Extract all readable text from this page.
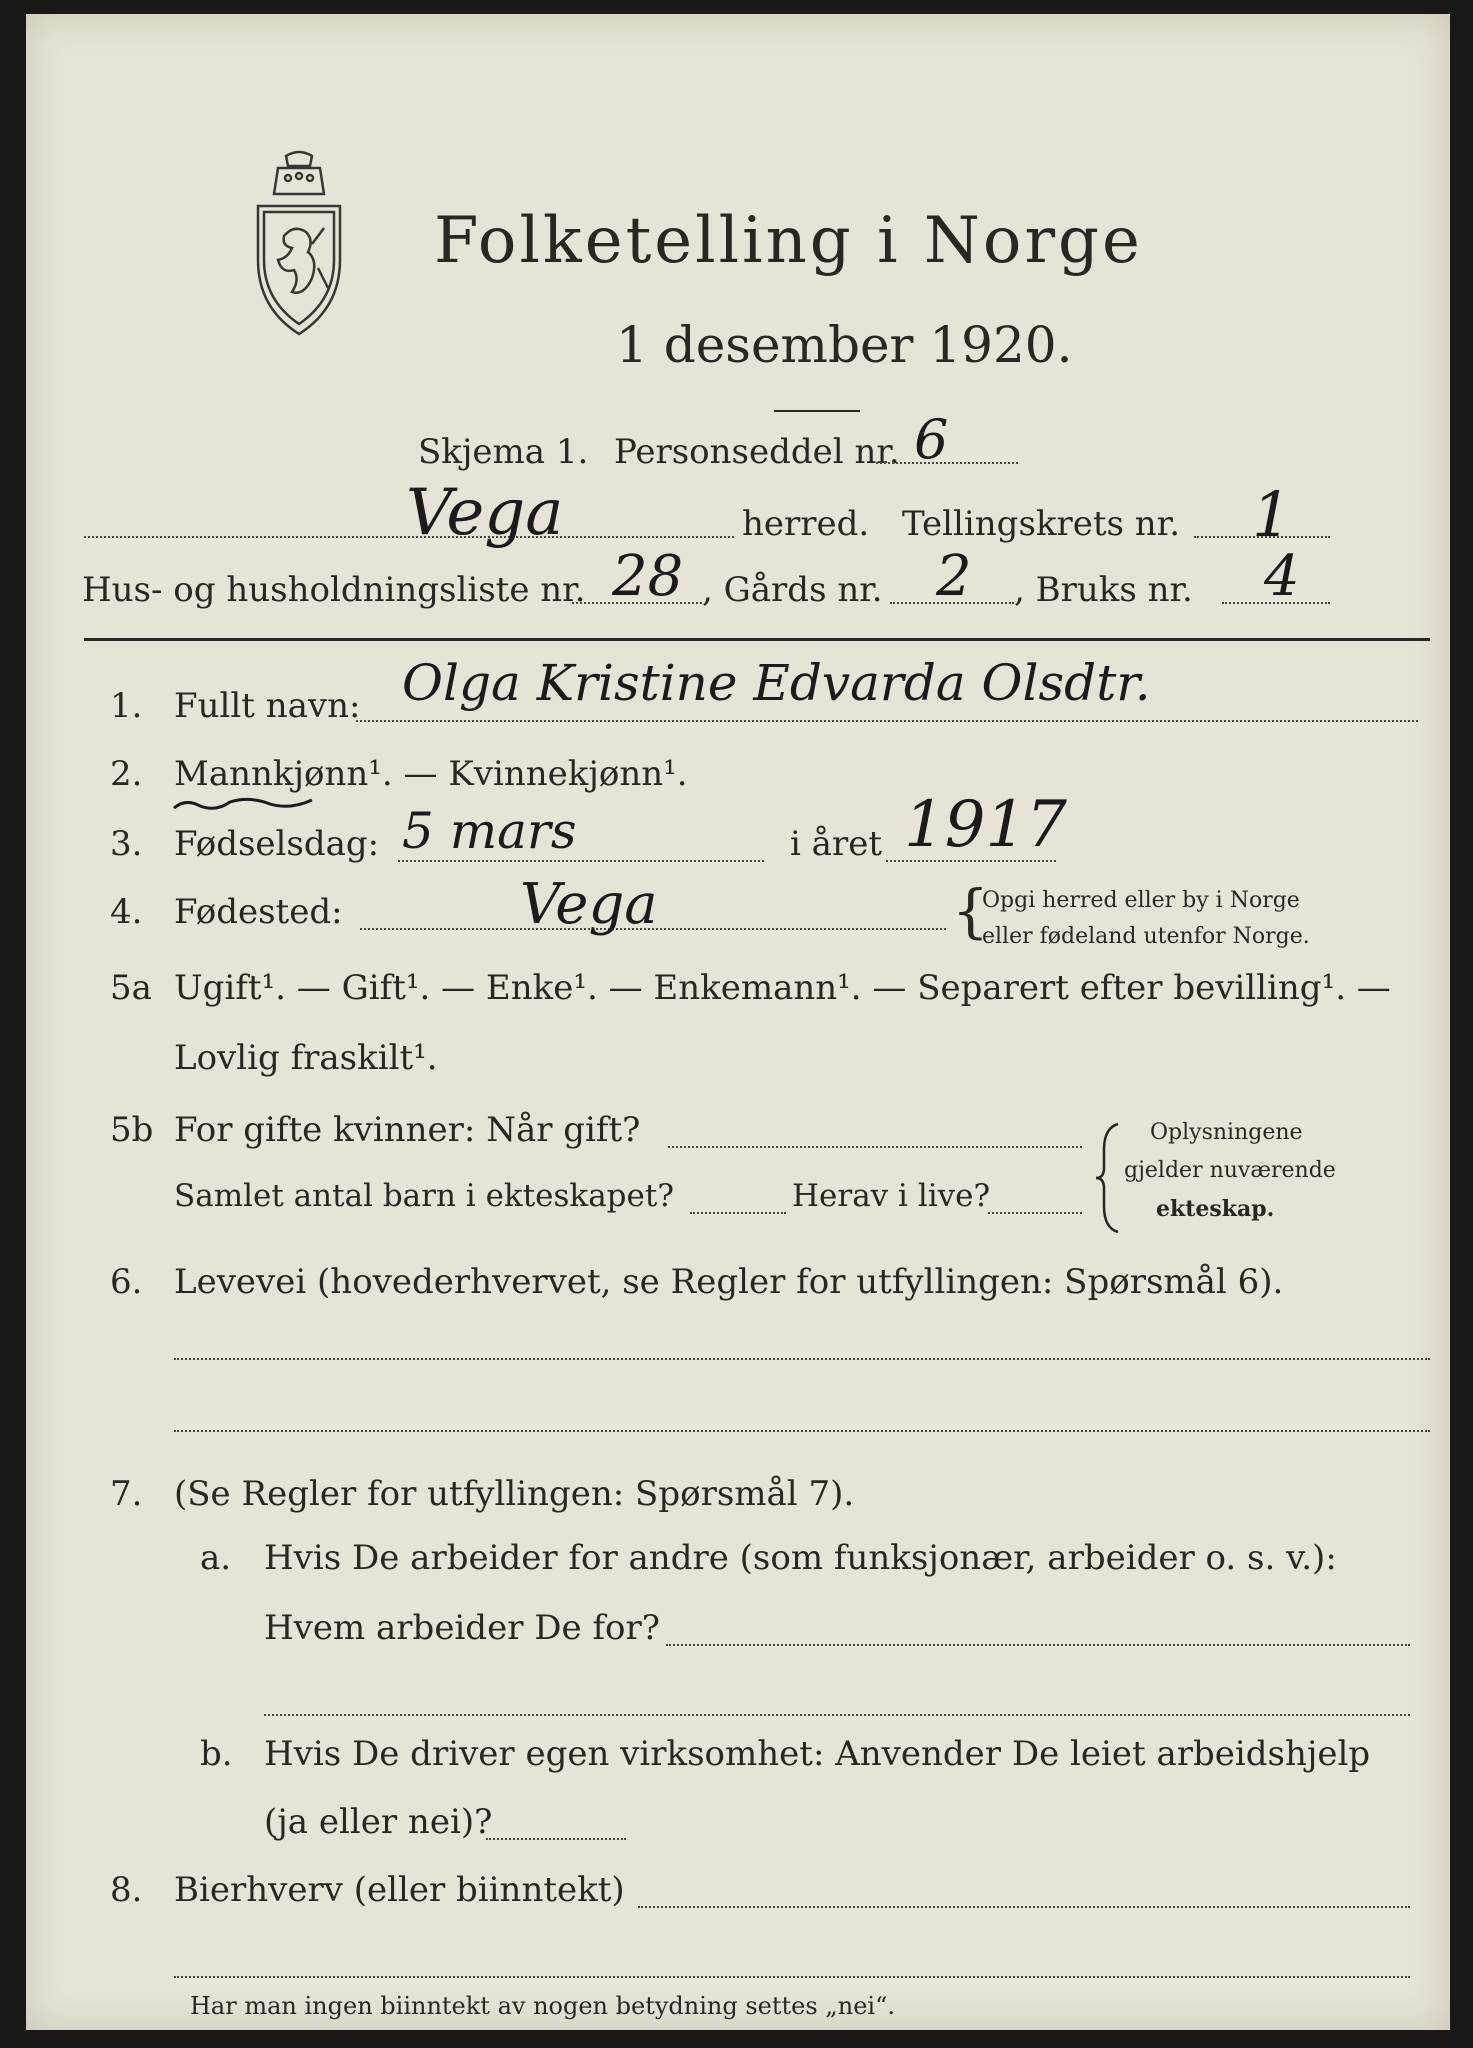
Folketelling i Norge
1 desember 1920.
Skjema 1. Personseddel nr. 6
Vega	herred. Tellingskrets nr. 1
Hus- og husholdningsliste nr. 28 , Gårds nr. 2 , Bruks nr. 4
1. Fullt navn: Olga Kristine Edvarda Olsdtr.
2. Mannkjønn¹. — Kvinnekjønn¹.
3. Fødselsdag: 5 mars	i året 1917
4. Fødested:	Vega	{
Opgi herred eller by i Norge
eller fødeland utenfor Norge.
5a Ugift¹. — Gift¹. — Enke¹. — Enkemann¹. — Separert efter bevilling¹. —
Lovlig fraskilt¹.
5b For gifte kvinner: Når gift?
Samlet antal barn i ekteskapet?	Herav i live?
Oplysningene
gjelder nuværende
ekteskap.
6. Levevei (hovederhvervet, se Regler for utfyllingen: Spørsmål 6).
7. (Se Regler for utfyllingen: Spørsmål 7).
a. Hvis De arbeider for andre (som funksjonær, arbeider o. s. v.):
Hvem arbeider De for?
b. Hvis De driver egen virksomhet: Anvender De leiet arbeidshjelp
(ja eller nei)?
8. Bierhverv (eller biinntekt)
Har man ingen biinntekt av nogen betydning settes „nei“.
